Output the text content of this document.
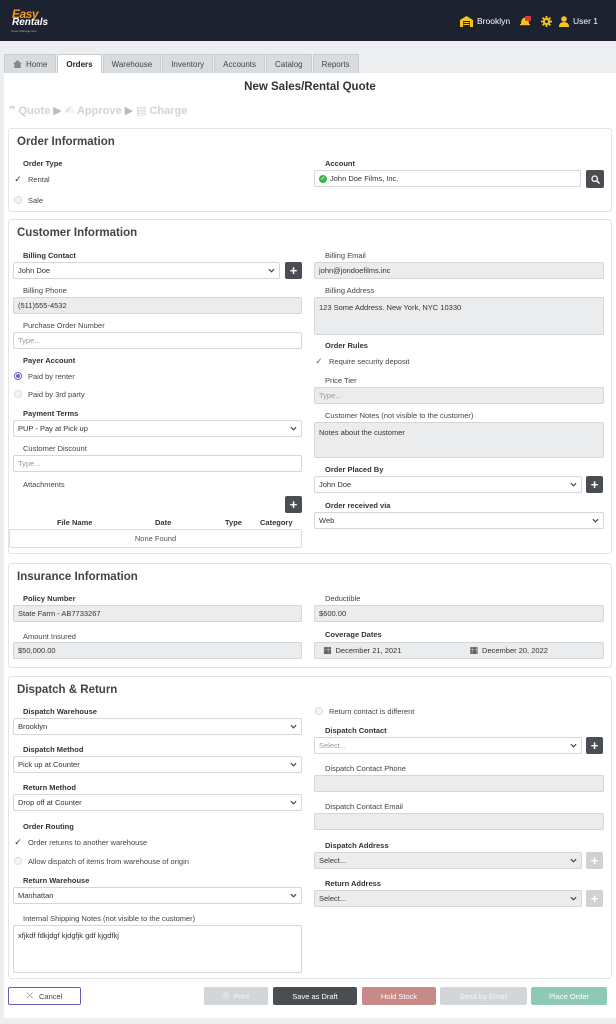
Easy
Rentals
Asset Management
Brooklyn	User 1
Home Orders Warehouse Inventory Accounts Catalog Reports
New Sales/Rental Quote
❞ Quote ▶ ✍ Approve ▶ ▤ Charge
Order Information
Order Type
✓ Rental
Sale
Account
✓ John Doe Films, Inc.
Customer Information
Billing Contact
John Doe	+
Billing Phone
(511)555-4532
Purchase Order Number
Type...
Payer Account
Paid by renter
Paid by 3rd party
Payment Terms
PUP - Pay at Pick up
Customer Discount
Type...
Attachments
+
File Name	Date	Type Category
None Found
Billing Email
john@jondoefilms.inc
Billing Address
123 Some Address. New York, NYC 10330
Order Rules
✓ Require security deposit
Price Tier
Type...
Customer Notes (not visible to the customer)
Notes about the customer
Order Placed By
John Doe	+
Order received via
Web
Insurance Information
Policy Number
State Farm - AB7733267
Amount Insured
$50,000.00
Deductible
$600.00
Coverage Dates
▦ December 21, 2021	▦ December 20, 2022
Dispatch & Return
Dispatch Warehouse
Brooklyn
Dispatch Method
Pick up at Counter
Return Method
Drop off at Counter
Order Routing
✓ Order returns to another warehouse
Allow dispatch of items from warehouse of origin
Return Warehouse
Manhattan
Internal Shipping Notes (not visible to the customer)
xfjkdf fdkjdgf kjdgfjk gdf kjgdfkj
Return contact is different
Dispatch Contact
Select...	+
Dispatch Contact Phone
Dispatch Contact Email
Dispatch Address
Select...	+
Return Address
Select...	+
⤫ Cancel	⎙ Print	Save as Draft	Hold Stock	Send by Email	Place Order
